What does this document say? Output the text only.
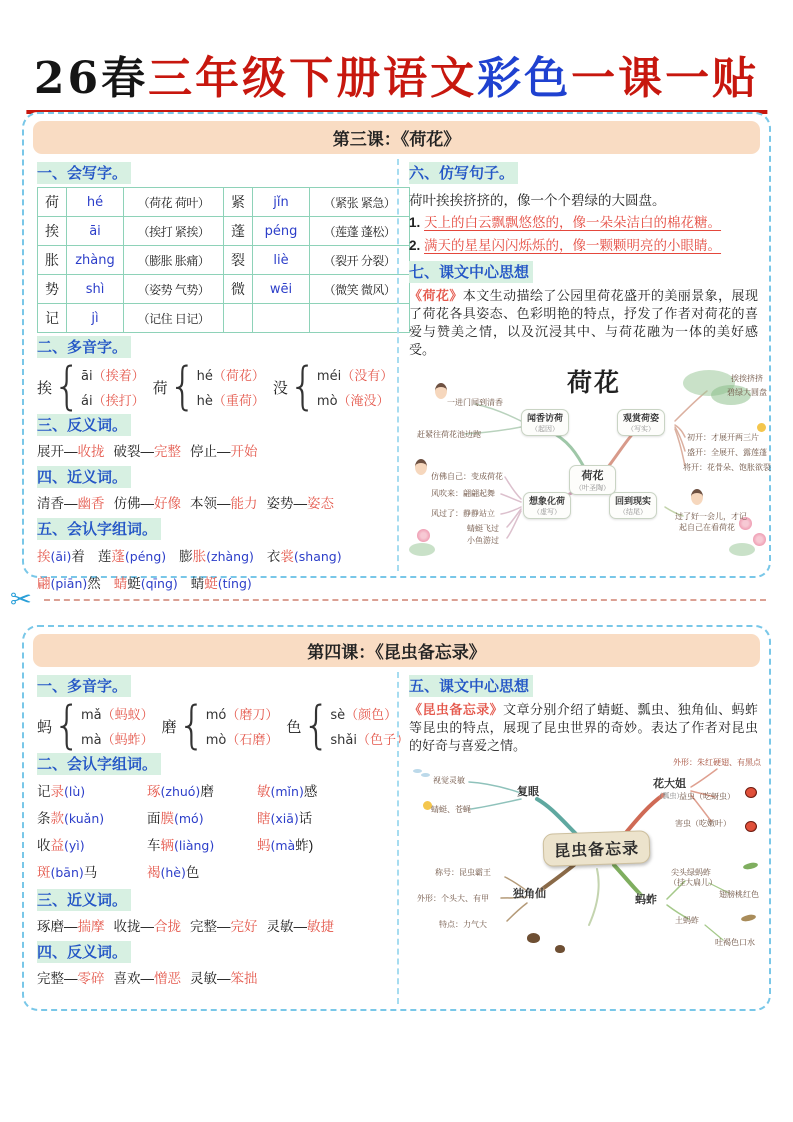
26春三年级下册语文彩色一课一贴
第三课：《荷花》
一、会写字。
荷	hé	（荷花 荷叶）	紧	jǐn	（紧张 紧急）
挨	āi	（挨打 紧挨）	蓬	péng	（莲蓬 蓬松）
胀	zhàng	（膨胀 胀痛）	裂	liè	（裂开 分裂）
势	shì	（姿势 气势）	微	wēi	（微笑 微风）
记	jì	（记住 日记）			
二、多音字。
挨
{
āi（挨着）
ái（挨打）
荷
{
hé（荷花）
hè（重荷）
没
{
méi（没有）
mò（淹没）
三、反义词。
展开—收拢 破裂—完整 停止—开始
四、近义词。
清香—幽香 仿佛—好像 本领—能力 姿势—姿态
五、会认字组词。
挨(āi)着 莲蓬(péng) 膨胀(zhàng) 衣裳(shang)
翩(piān)然 蜻蜓(qīng) 蜻蜓(tíng)
六、仿写句子。
荷叶挨挨挤挤的，像一个个碧绿的大圆盘。
1. 天上的白云飘飘悠悠的，像一朵朵洁白的棉花糖。
2. 满天的星星闪闪烁烁的，像一颗颗明亮的小眼睛。
七、课文中心思想
《荷花》本文生动描绘了公园里荷花盛开的美丽景象，展现了荷花各具姿态、色彩明艳的特点，抒发了作者对荷花的喜爱与赞美之情，以及沉浸其中、与荷花融为一体的美好感受。
荷花
荷花
（叶圣陶）
闻香访荷
（起因）
一进门闻到清香
赶紧往荷花池边跑
观赏荷姿
（写实）
挨挨挤挤
碧绿大圆盘
初开：才展开两三片
盛开：全展开、露莲蓬
将开：花骨朵、饱胀欲裂
想象化荷
（虚写）
仿佛自己：变成荷花
风吹来：翩翩起舞
风过了：静静站立
蜻蜓飞过
小鱼游过
回到现实
（结尾）	过了好一会儿，才记
起自己在看荷花
✂
第四课：《昆虫备忘录》
一、多音字。
蚂
{
mǎ（蚂蚁）
mà（蚂蚱）
磨
{
mó（磨刀）
mò（石磨）
色
{
sè（颜色）
shǎi（色子）
二、会认字组词。
记录(lù)	琢(zhuó)磨	敏(mǐn)感
条款(kuǎn)	面膜(mó)	瞎(xiā)话
收益(yì)	车辆(liàng)	蚂(mà蚱)
斑(bān)马	褐(hè)色
三、近义词。
琢磨—揣摩 收拢—合拢 完整—完好 灵敏—敏捷
四、反义词。
完整—零碎 喜欢—憎恶 灵敏—笨拙
五、课文中心思想
《昆虫备忘录》文章分别介绍了蜻蜓、瓢虫、独角仙、蚂蚱等昆虫的特点，展现了昆虫世界的奇妙。表达了作者对昆虫的好奇与喜爱之情。
昆虫备忘录
复眼
视觉灵敏
蜻蜓、苍蝇
花大姐
（瓢虫）
外形：朱红硬翅、有黑点
益虫（吃蚜虫）
害虫（吃嫩叶）
独角仙
称号：昆虫霸王
外形：个头大、有甲
特点：力气大
蚂蚱
尖头绿蚂蚱
（挂大扁儿）
翅膀桃红色
土蚂蚱
吐褐色口水
